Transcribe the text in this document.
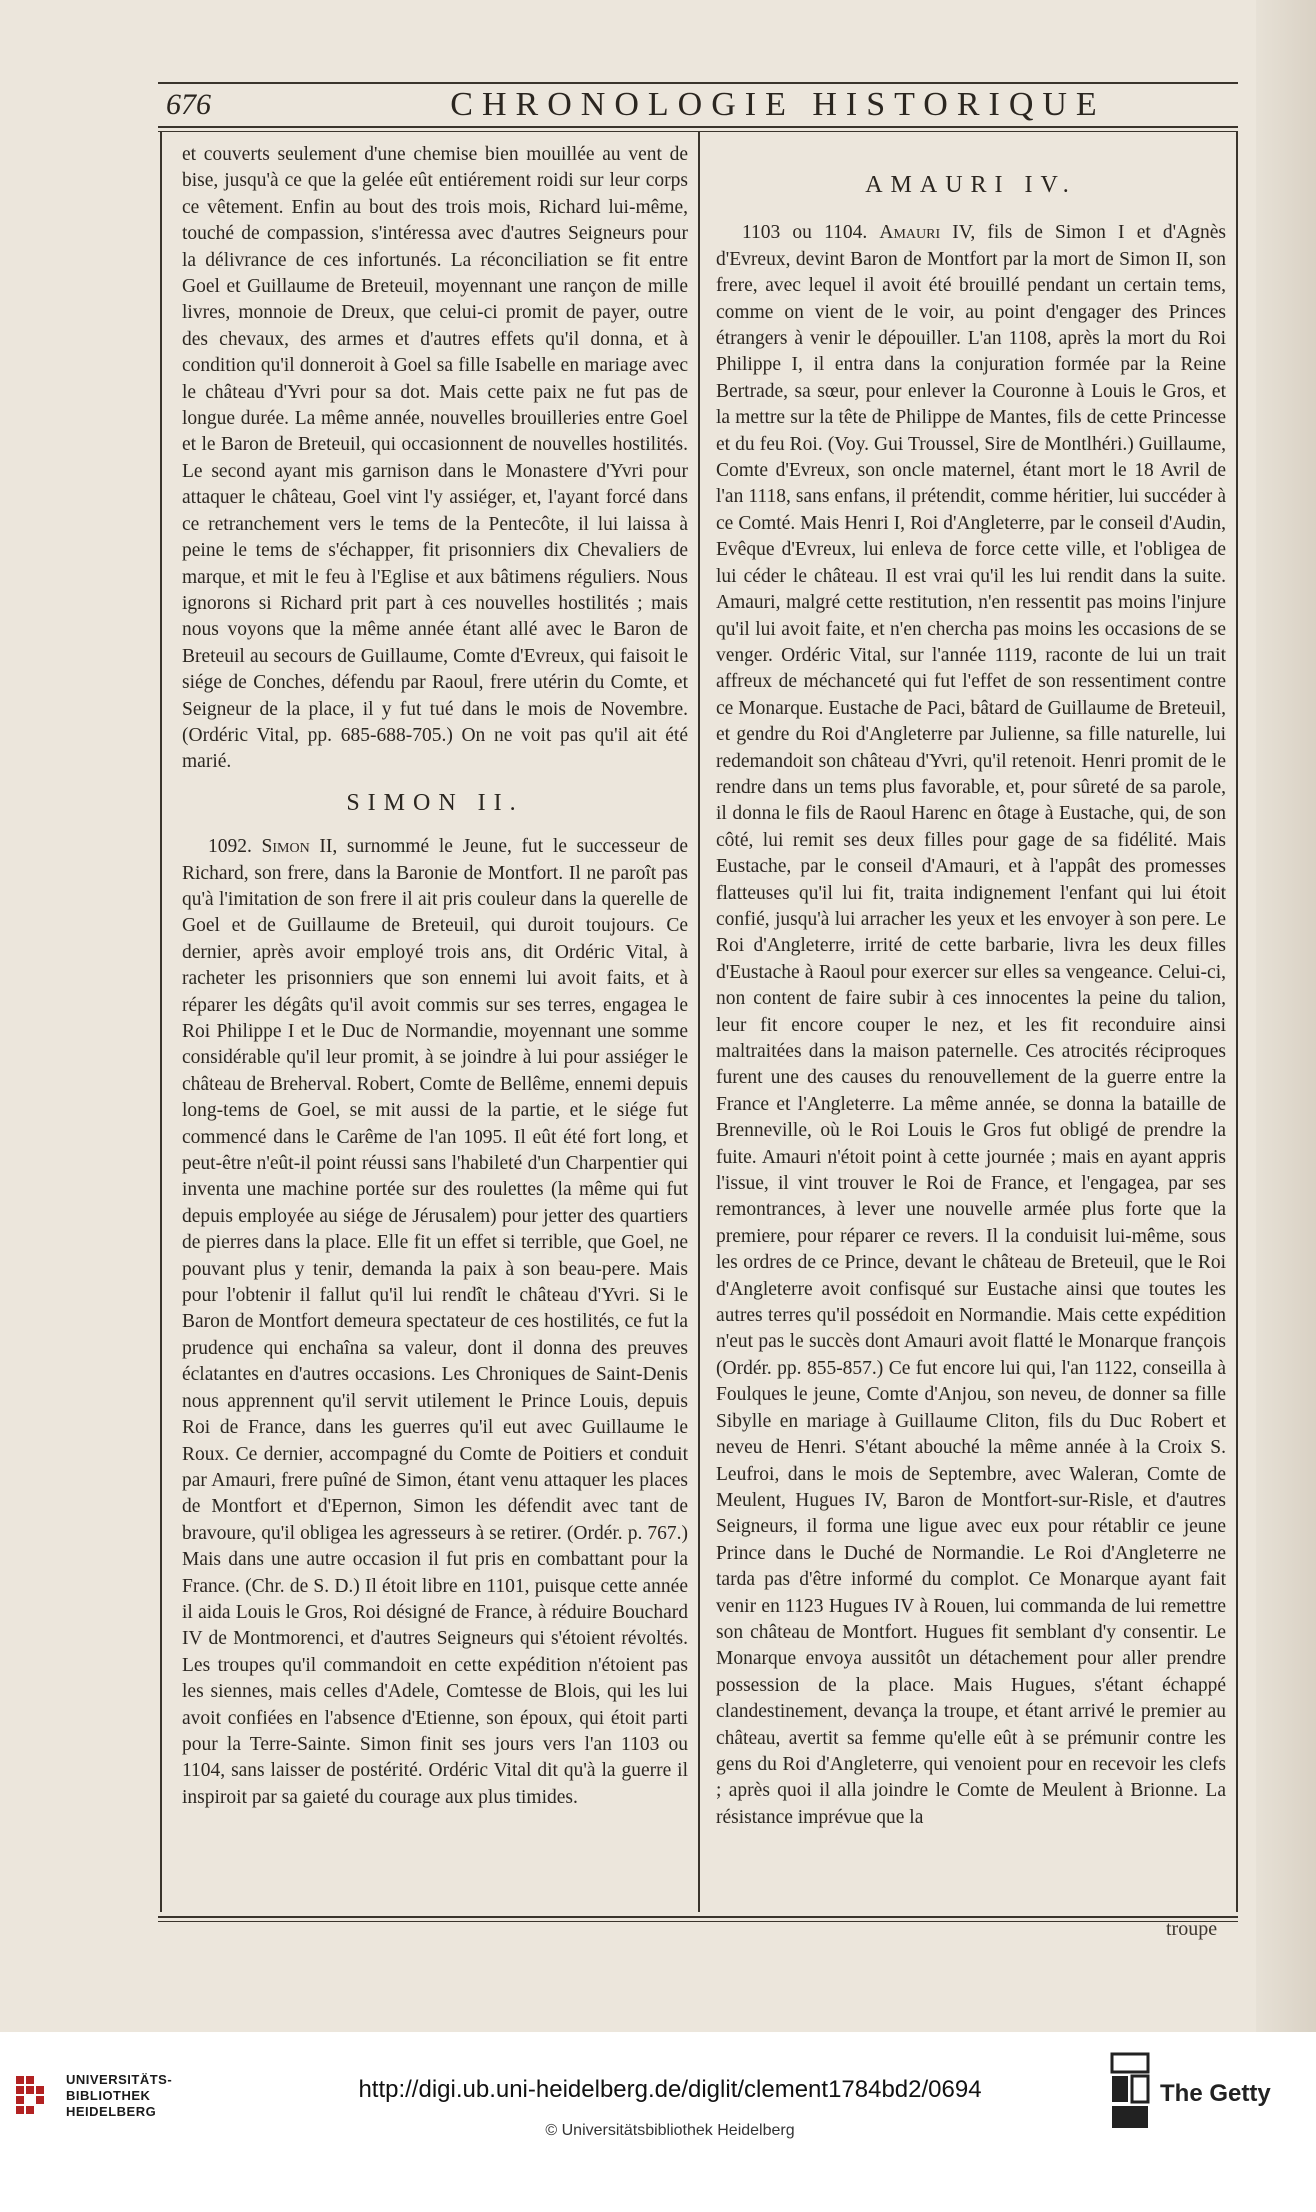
676	CHRONOLOGIE HISTORIQUE

et couverts seulement d'une chemise bien mouillée au vent de bise, jusqu'à ce que la gelée eût entiérement roidi sur leur corps ce vêtement. Enfin au bout des trois mois, Richard lui-même, touché de compassion, s'intéressa avec d'autres Seigneurs pour la délivrance de ces infortunés. La réconciliation se fit entre Goel et Guillaume de Breteuil, moyennant une rançon de mille livres, monnoie de Dreux, que celui-ci promit de payer, outre des chevaux, des armes et d'autres effets qu'il donna, et à condition qu'il donneroit à Goel sa fille Isabelle en mariage avec le château d'Yvri pour sa dot. Mais cette paix ne fut pas de longue durée. La même année, nouvelles brouilleries entre Goel et le Baron de Breteuil, qui occasionnent de nouvelles hostilités. Le second ayant mis garnison dans le Monastere d'Yvri pour attaquer le château, Goel vint l'y assiéger, et, l'ayant forcé dans ce retranchement vers le tems de la Pentecôte, il lui laissa à peine le tems de s'échapper, fit prisonniers dix Chevaliers de marque, et mit le feu à l'Eglise et aux bâtimens réguliers. Nous ignorons si Richard prit part à ces nouvelles hostilités ; mais nous voyons que la même année étant allé avec le Baron de Breteuil au secours de Guillaume, Comte d'Evreux, qui faisoit le siége de Conches, défendu par Raoul, frere utérin du Comte, et Seigneur de la place, il y fut tué dans le mois de Novembre. (Ordéric Vital, pp. 685-688-705.) On ne voit pas qu'il ait été marié.

SIMON II.

1092. Simon II, surnommé le Jeune, fut le successeur de Richard, son frere, dans la Baronie de Montfort. Il ne paroît pas qu'à l'imitation de son frere il ait pris couleur dans la querelle de Goel et de Guillaume de Breteuil, qui duroit toujours. Ce dernier, après avoir employé trois ans, dit Ordéric Vital, à racheter les prisonniers que son ennemi lui avoit faits, et à réparer les dégâts qu'il avoit commis sur ses terres, engagea le Roi Philippe I et le Duc de Normandie, moyennant une somme considérable qu'il leur promit, à se joindre à lui pour assiéger le château de Breherval. Robert, Comte de Bellême, ennemi depuis long-tems de Goel, se mit aussi de la partie, et le siége fut commencé dans le Carême de l'an 1095. Il eût été fort long, et peut-être n'eût-il point réussi sans l'habileté d'un Charpentier qui inventa une machine portée sur des roulettes (la même qui fut depuis employée au siége de Jérusalem) pour jetter des quartiers de pierres dans la place. Elle fit un effet si terrible, que Goel, ne pouvant plus y tenir, demanda la paix à son beau-pere. Mais pour l'obtenir il fallut qu'il lui rendît le château d'Yvri. Si le Baron de Montfort demeura spectateur de ces hostilités, ce fut la prudence qui enchaîna sa valeur, dont il donna des preuves éclatantes en d'autres occasions. Les Chroniques de Saint-Denis nous apprennent qu'il servit utilement le Prince Louis, depuis Roi de France, dans les guerres qu'il eut avec Guillaume le Roux. Ce dernier, accompagné du Comte de Poitiers et conduit par Amauri, frere puîné de Simon, étant venu attaquer les places de Montfort et d'Epernon, Simon les défendit avec tant de bravoure, qu'il obligea les agresseurs à se retirer. (Ordér. p. 767.) Mais dans une autre occasion il fut pris en combattant pour la France. (Chr. de S. D.) Il étoit libre en 1101, puisque cette année il aida Louis le Gros, Roi désigné de France, à réduire Bouchard IV de Montmorenci, et d'autres Seigneurs qui s'étoient révoltés. Les troupes qu'il commandoit en cette expédition n'étoient pas les siennes, mais celles d'Adele, Comtesse de Blois, qui les lui avoit confiées en l'absence d'Etienne, son époux, qui étoit parti pour la Terre-Sainte. Simon finit ses jours vers l'an 1103 ou 1104, sans laisser de postérité. Ordéric Vital dit qu'à la guerre il inspiroit par sa gaieté du courage aux plus timides.

AMAURI IV.

1103 ou 1104. Amauri IV, fils de Simon I et d'Agnès d'Evreux, devint Baron de Montfort par la mort de Simon II, son frere, avec lequel il avoit été brouillé pendant un certain tems, comme on vient de le voir, au point d'engager des Princes étrangers à venir le dépouiller. L'an 1108, après la mort du Roi Philippe I, il entra dans la conjuration formée par la Reine Bertrade, sa sœur, pour enlever la Couronne à Louis le Gros, et la mettre sur la tête de Philippe de Mantes, fils de cette Princesse et du feu Roi. (Voy. Gui Troussel, Sire de Montlhéri.) Guillaume, Comte d'Evreux, son oncle maternel, étant mort le 18 Avril de l'an 1118, sans enfans, il prétendit, comme héritier, lui succéder à ce Comté. Mais Henri I, Roi d'Angleterre, par le conseil d'Audin, Evêque d'Evreux, lui enleva de force cette ville, et l'obligea de lui céder le château. Il est vrai qu'il les lui rendit dans la suite. Amauri, malgré cette restitution, n'en ressentit pas moins l'injure qu'il lui avoit faite, et n'en chercha pas moins les occasions de se venger. Ordéric Vital, sur l'année 1119, raconte de lui un trait affreux de méchanceté qui fut l'effet de son ressentiment contre ce Monarque. Eustache de Paci, bâtard de Guillaume de Breteuil, et gendre du Roi d'Angleterre par Julienne, sa fille naturelle, lui redemandoit son château d'Yvri, qu'il retenoit. Henri promit de le rendre dans un tems plus favorable, et, pour sûreté de sa parole, il donna le fils de Raoul Harenc en ôtage à Eustache, qui, de son côté, lui remit ses deux filles pour gage de sa fidélité. Mais Eustache, par le conseil d'Amauri, et à l'appât des promesses flatteuses qu'il lui fit, traita indignement l'enfant qui lui étoit confié, jusqu'à lui arracher les yeux et les envoyer à son pere. Le Roi d'Angleterre, irrité de cette barbarie, livra les deux filles d'Eustache à Raoul pour exercer sur elles sa vengeance. Celui-ci, non content de faire subir à ces innocentes la peine du talion, leur fit encore couper le nez, et les fit reconduire ainsi maltraitées dans la maison paternelle. Ces atrocités réciproques furent une des causes du renouvellement de la guerre entre la France et l'Angleterre. La même année, se donna la bataille de Brenneville, où le Roi Louis le Gros fut obligé de prendre la fuite. Amauri n'étoit point à cette journée ; mais en ayant appris l'issue, il vint trouver le Roi de France, et l'engagea, par ses remontrances, à lever une nouvelle armée plus forte que la premiere, pour réparer ce revers. Il la conduisit lui-même, sous les ordres de ce Prince, devant le château de Breteuil, que le Roi d'Angleterre avoit confisqué sur Eustache ainsi que toutes les autres terres qu'il possédoit en Normandie. Mais cette expédition n'eut pas le succès dont Amauri avoit flatté le Monarque françois (Ordér. pp. 855-857.) Ce fut encore lui qui, l'an 1122, conseilla à Foulques le jeune, Comte d'Anjou, son neveu, de donner sa fille Sibylle en mariage à Guillaume Cliton, fils du Duc Robert et neveu de Henri. S'étant abouché la même année à la Croix S. Leufroi, dans le mois de Septembre, avec Waleran, Comte de Meulent, Hugues IV, Baron de Montfort-sur-Risle, et d'autres Seigneurs, il forma une ligue avec eux pour rétablir ce jeune Prince dans le Duché de Normandie. Le Roi d'Angleterre ne tarda pas d'être informé du complot. Ce Monarque ayant fait venir en 1123 Hugues IV à Rouen, lui commanda de lui remettre son château de Montfort. Hugues fit semblant d'y consentir. Le Monarque envoya aussitôt un détachement pour aller prendre possession de la place. Mais Hugues, s'étant échappé clandestinement, devança la troupe, et étant arrivé le premier au château, avertit sa femme qu'elle eût à se prémunir contre les gens du Roi d'Angleterre, qui venoient pour en recevoir les clefs ; après quoi il alla joindre le Comte de Meulent à Brionne. La résistance imprévue que la

troupe
UNIVERSITÄTS-
BIBLIOTHEK
HEIDELBERG
http://digi.ub.uni-heidelberg.de/diglit/clement1784bd2/0694
© Universitätsbibliothek Heidelberg
The Getty
